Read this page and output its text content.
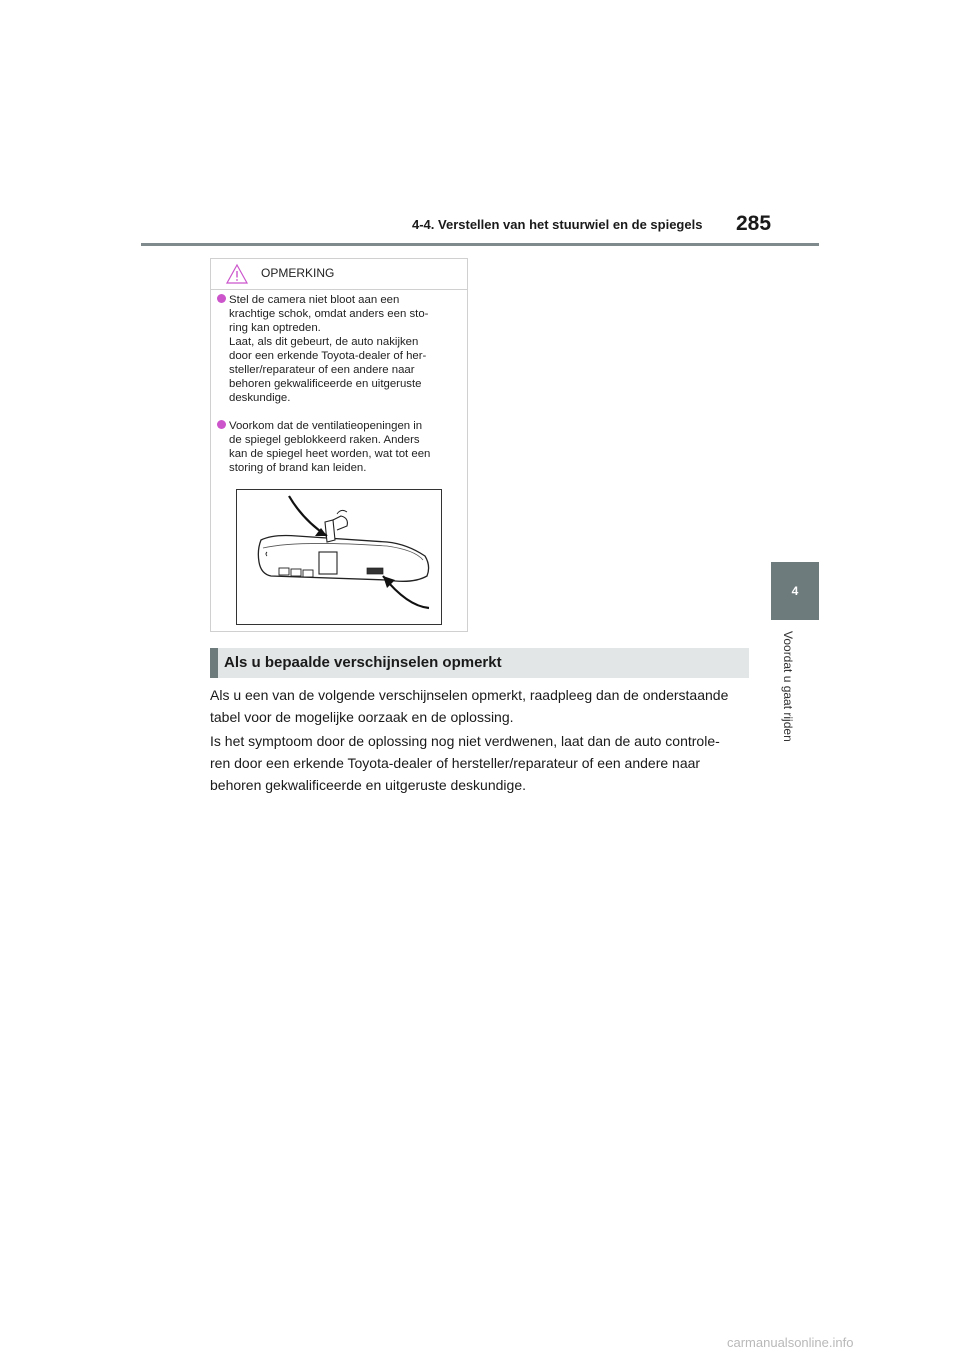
4-4. Verstellen van het stuurwiel en de spiegels 285
4
Voordat u gaat rijden
OPMERKING
Stel de camera niet bloot aan een
krachtige schok, omdat anders een sto-
ring kan optreden.
Laat, als dit gebeurt, de auto nakijken
door een erkende Toyota-dealer of her-
steller/reparateur of een andere naar
behoren gekwalificeerde en uitgeruste
deskundige.
Voorkom dat de ventilatieopeningen in
de spiegel geblokkeerd raken. Anders
kan de spiegel heet worden, wat tot een
storing of brand kan leiden.
Als u bepaalde verschijnselen opmerkt
Als u een van de volgende verschijnselen opmerkt, raadpleeg dan de onderstaande
tabel voor de mogelijke oorzaak en de oplossing.
Is het symptoom door de oplossing nog niet verdwenen, laat dan de auto controle-
ren door een erkende Toyota-dealer of hersteller/reparateur of een andere naar
behoren gekwalificeerde en uitgeruste deskundige.
carmanualsonline.info
